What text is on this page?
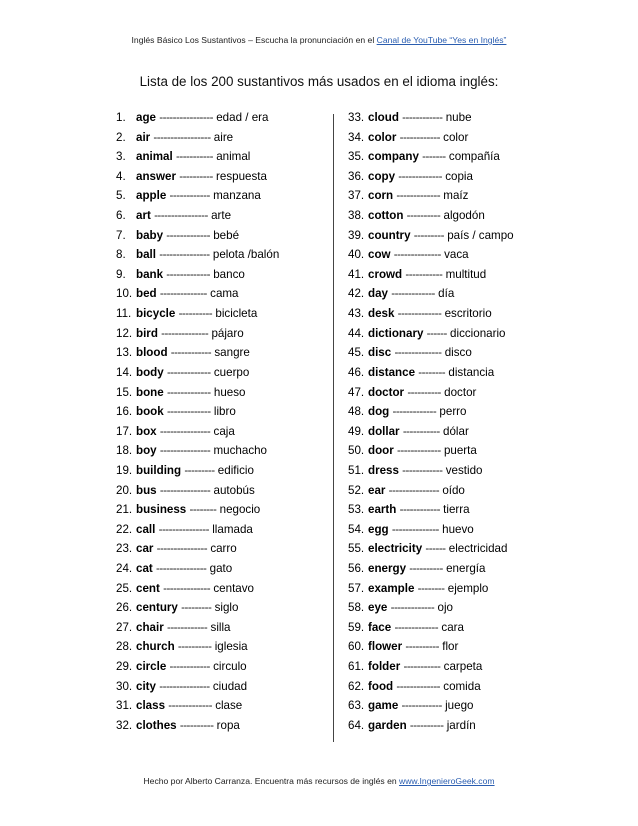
Inglés Básico Los Sustantivos – Escucha la pronunciación en el Canal de YouTube “Yes en Inglés”
Lista de los 200 sustantivos más usados en el idioma inglés:
1. age ---------------- edad / era
2. air ----------------- aire
3. animal ----------- animal
4. answer ---------- respuesta
5. apple ------------ manzana
6. art ---------------- arte
7. baby ------------- bebé
8. ball --------------- pelota /balón
9. bank ------------- banco
10. bed -------------- cama
11. bicycle ---------- bicicleta
12. bird -------------- pájaro
13. blood ------------ sangre
14. body ------------- cuerpo
15. bone ------------- hueso
16. book ------------- libro
17. box --------------- caja
18. boy --------------- muchacho
19. building --------- edificio
20. bus --------------- autobús
21. business -------- negocio
22. call --------------- llamada
23. car --------------- carro
24. cat --------------- gato
25. cent -------------- centavo
26. century --------- siglo
27. chair ------------ silla
28. church ---------- iglesia
29. circle ------------ circulo
30. city --------------- ciudad
31. class ------------- clase
32. clothes ---------- ropa
33. cloud ------------ nube
34. color ------------ color
35. company ------- compañía
36. copy ------------- copia
37. corn ------------- maíz
38. cotton ---------- algodón
39. country --------- país / campo
40. cow -------------- vaca
41. crowd ----------- multitud
42. day ------------- día
43. desk ------------- escritorio
44. dictionary ------ diccionario
45. disc -------------- disco
46. distance -------- distancia
47. doctor ---------- doctor
48. dog ------------- perro
49. dollar ----------- dólar
50. door ------------- puerta
51. dress ------------ vestido
52. ear --------------- oído
53. earth ------------ tierra
54. egg -------------- huevo
55. electricity ------ electricidad
56. energy ---------- energía
57. example -------- ejemplo
58. eye ------------- ojo
59. face ------------- cara
60. flower ---------- flor
61. folder ----------- carpeta
62. food ------------- comida
63. game ------------ juego
64. garden ---------- jardín
Hecho por Alberto Carranza. Encuentra más recursos de inglés en www.IngenieroGeek.com
